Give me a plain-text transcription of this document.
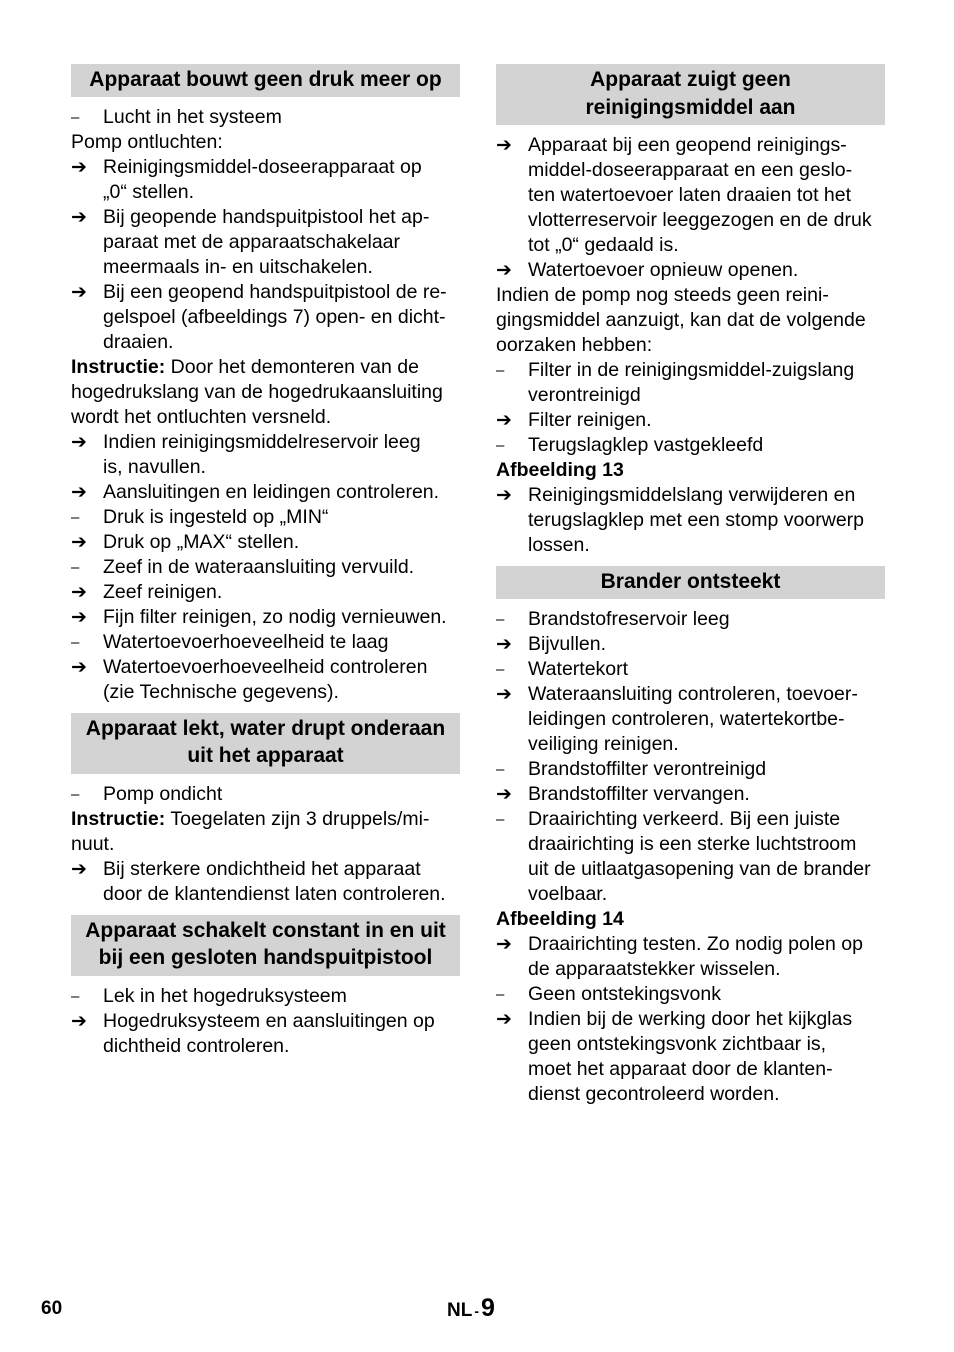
Apparaat bouwt geen druk meer op
–	Lucht in het systeem
Pomp ontluchten:
➔ Reinigingsmiddel-doseerapparaat op
„0“ stellen.
➔ Bij geopende handspuitpistool het ap-
paraat met de apparaatschakelaar
meermaals in- en uitschakelen.
➔ Bij een geopend handspuitpistool de re-
gelspoel (afbeeldings 7) open- en dicht-
draaien.
Instructie: Door het demonteren van de
hogedrukslang van de hogedrukaansluiting
wordt het ontluchten versneld.
➔ Indien reinigingsmiddelreservoir leeg
is, navullen.
➔ Aansluitingen en leidingen controleren.
–	Druk is ingesteld op „MIN“
➔ Druk op „MAX“ stellen.
–	Zeef in de wateraansluiting vervuild.
➔ Zeef reinigen.
➔ Fijn filter reinigen, zo nodig vernieuwen.
–	Watertoevoerhoeveelheid te laag
➔ Watertoevoerhoeveelheid controleren
(zie Technische gegevens).
Apparaat lekt, water drupt onderaan
uit het apparaat
–	Pomp ondicht
Instructie: Toegelaten zijn 3 druppels/mi-
nuut.
➔ Bij sterkere ondichtheid het apparaat
door de klantendienst laten controleren.
Apparaat schakelt constant in en uit
bij een gesloten handspuitpistool
–	Lek in het hogedruksysteem
➔ Hogedruksysteem en aansluitingen op
dichtheid controleren.
Apparaat zuigt geen
reinigingsmiddel aan
➔ Apparaat bij een geopend reinigings-
middel-doseerapparaat en een geslo-
ten watertoevoer laten draaien tot het
vlotterreservoir leeggezogen en de druk
tot „0“ gedaald is.
➔ Watertoevoer opnieuw openen.
Indien de pomp nog steeds geen reini-
gingsmiddel aanzuigt, kan dat de volgende
oorzaken hebben:
–	Filter in de reinigingsmiddel-zuigslang
verontreinigd
➔ Filter reinigen.
–	Terugslagklep vastgekleefd
Afbeelding 13
➔ Reinigingsmiddelslang verwijderen en
terugslagklep met een stomp voorwerp
lossen.
Brander ontsteekt
–	Brandstofreservoir leeg
➔ Bijvullen.
–	Watertekort
➔ Wateraansluiting controleren, toevoer-
leidingen controleren, watertekortbe-
veiliging reinigen.
–	Brandstoffilter verontreinigd
➔ Brandstoffilter vervangen.
–	Draairichting verkeerd. Bij een juiste
draairichting is een sterke luchtstroom
uit de uitlaatgasopening van de brander
voelbaar.
Afbeelding 14
➔ Draairichting testen. Zo nodig polen op
de apparaatstekker wisselen.
–	Geen ontstekingsvonk
➔ Indien bij de werking door het kijkglas
geen ontstekingsvonk zichtbaar is,
moet het apparaat door de klanten-
dienst gecontroleerd worden.
60	NL -9
